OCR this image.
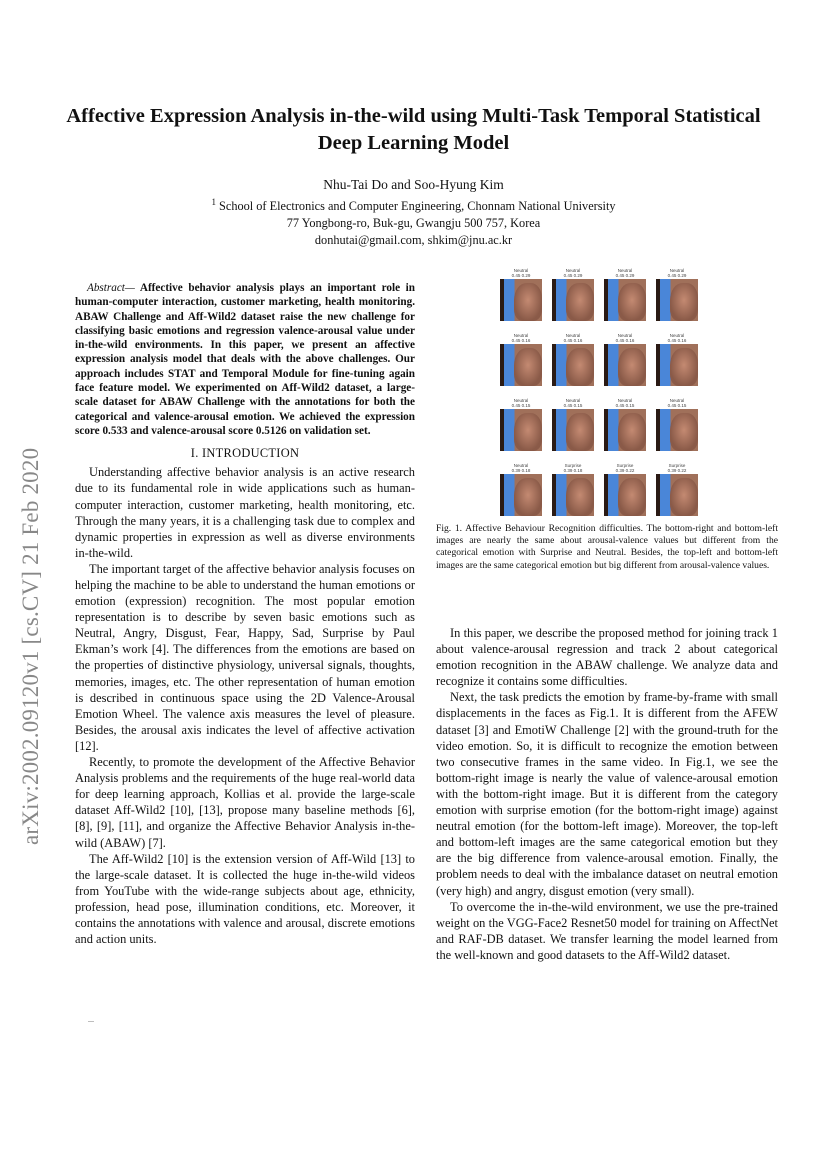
arXiv:2002.09120v1 [cs.CV] 21 Feb 2020
Affective Expression Analysis in-the-wild using Multi-Task Temporal Statistical Deep Learning Model
Nhu-Tai Do and Soo-Hyung Kim
$^1$ School of Electronics and Computer Engineering, Chonnam National University
77 Yongbong-ro, Buk-gu, Gwangju 500 757, Korea
donhutai@gmail.com, shkim@jnu.ac.kr
Abstract— Affective behavior analysis plays an important role in human-computer interaction, customer marketing, health monitoring. ABAW Challenge and Aff-Wild2 dataset raise the new challenge for classifying basic emotions and regression valence-arousal value under in-the-wild environments. In this paper, we present an affective expression analysis model that deals with the above challenges. Our approach includes STAT and Temporal Module for fine-tuning again face feature model. We experimented on Aff-Wild2 dataset, a large-scale dataset for ABAW Challenge with the annotations for both the categorical and valence-arousal emotion. We achieved the expression score 0.533 and valence-arousal score 0.5126 on validation set.
I. INTRODUCTION

Understanding affective behavior analysis is an active research due to its fundamental role in wide applications such as human-computer interaction, customer marketing, health monitoring, etc. Through the many years, it is a challenging task due to complex and dynamic properties in expression as well as diverse environments in-the-wild.

The important target of the affective behavior analysis focuses on helping the machine to be able to understand the human emotions or emotion (expression) recognition. The most popular emotion representation is to describe by seven basic emotions such as Neutral, Angry, Disgust, Fear, Happy, Sad, Surprise by Paul Ekman’s work [4]. The differences from the emotions are based on the properties of distinctive physiology, universal signals, thoughts, memories, images, etc. The other representation of human emotion is described in continuous space using the 2D Valence-Arousal Emotion Wheel. The valence axis measures the level of pleasure. Besides, the arousal axis indicates the level of affective activation [12].

Recently, to promote the development of the Affective Behavior Analysis problems and the requirements of the huge real-world data for deep learning approach, Kollias et al. provide the large-scale dataset Aff-Wild2 [10], [13], propose many baseline methods [6], [8], [9], [11], and organize the Affective Behavior Analysis in-the-wild (ABAW) [7].

The Aff-Wild2 [10] is the extension version of Aff-Wild [13] to the large-scale dataset. It is collected the huge in-the-wild videos from YouTube with the wide-range subjects about age, ethnicity, profession, head pose, illumination conditions, etc. Moreover, it contains the annotations with valence and arousal, discrete emotions and action units.

...
Neutral
0.45 0.29
Neutral
0.45 0.29
Neutral
0.45 0.29
Neutral
0.45 0.29
Neutral
0.45 0.16
Neutral
0.45 0.16
Neutral
0.45 0.16
Neutral
0.45 0.16
Neutral
0.45 0.15
Neutral
0.45 0.15
Neutral
0.45 0.15
Neutral
0.45 0.15
Neutral
0.39 0.18
Surprise
0.39 0.18
Surprise
0.39 0.22
Surprise
0.39 0.22
Fig. 1. Affective Behaviour Recognition difficulties. The bottom-right and bottom-left images are nearly the same about arousal-valence values but different from the categorical emotion with Surprise and Neutral. Besides, the top-left and bottom-left images are the same categorical emotion but big different from arousal-valence values.

In this paper, we describe the proposed method for joining track 1 about valence-arousal regression and track 2 about categorical emotion recognition in the ABAW challenge. We analyze data and recognize it contains some difficulties.

Next, the task predicts the emotion by frame-by-frame with small displacements in the faces as Fig.1. It is different from the AFEW dataset [3] and EmotiW Challenge [2] with the ground-truth for the video emotion. So, it is difficult to recognize the emotion between two consecutive frames in the same video. In Fig.1, we see the bottom-right image is nearly the value of valence-arousal emotion with the bottom-right image. But it is different from the category emotion with surprise emotion (for the bottom-right image) against neutral emotion (for the bottom-left image). Moreover, the top-left and bottom-left images are the same categorical emotion but they are the big difference from valence-arousal emotion. Finally, the problem needs to deal with the imbalance dataset on neutral emotion (very high) and angry, disgust emotion (very small).

To overcome the in-the-wild environment, we use the pre-trained weight on the VGG-Face2 Resnet50 model for training on AffectNet and RAF-DB dataset. We transfer learning the model learned from the well-known and good datasets to the Aff-Wild2 dataset.
